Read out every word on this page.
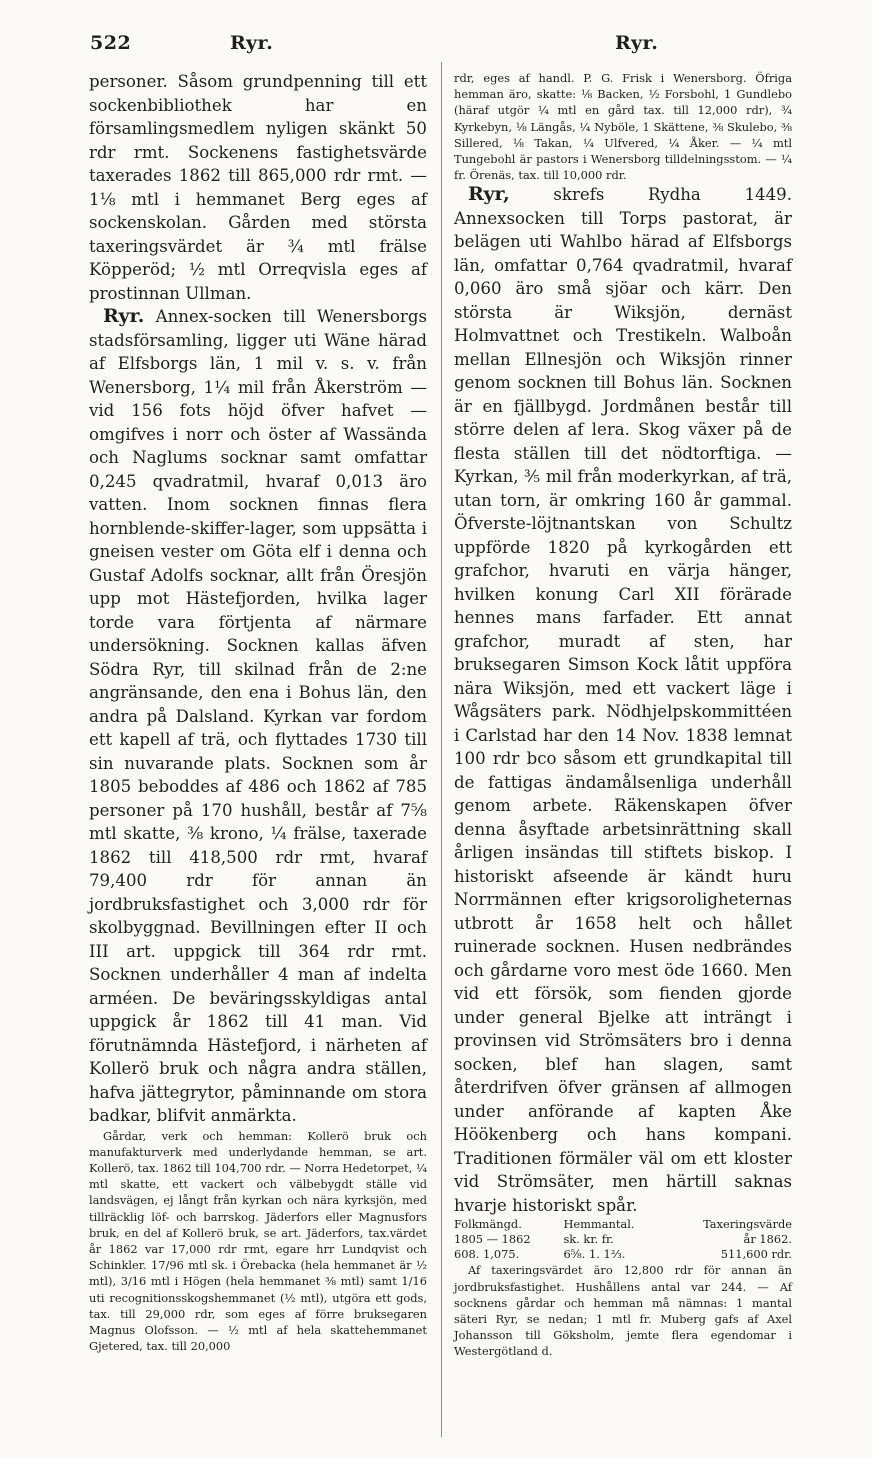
522	Ryr.	Ryr.

personer. Såsom grundpenning till ett sockenbibliothek har en församlingsmedlem nyligen skänkt 50 rdr rmt. Sockenens fastighetsvärde taxerades 1862 till 865,000 rdr rmt. — 1⅛ mtl i hemmanet Berg eges af sockenskolan. Gården med största taxeringsvärdet är ¾ mtl frälse Köpperöd; ½ mtl Orreqvisla eges af prostinnan Ullman.

Ryr. Annex-socken till Wenersborgs stadsförsamling, ligger uti Wäne härad af Elfsborgs län, 1 mil v. s. v. från Wenersborg, 1¼ mil från Åkerström — vid 156 fots höjd öfver hafvet — omgifves i norr och öster af Wassända och Naglums socknar samt omfattar 0,245 qvadratmil, hvaraf 0,013 äro vatten. Inom socknen finnas flera hornblende-skiffer-lager, som uppsätta i gneisen vester om Göta elf i denna och Gustaf Adolfs socknar, allt från Öresjön upp mot Hästefjorden, hvilka lager torde vara förtjenta af närmare undersökning. Socknen kallas äfven Södra Ryr, till skilnad från de 2:ne angränsande, den ena i Bohus län, den andra på Dalsland. Kyrkan var fordom ett kapell af trä, och flyttades 1730 till sin nuvarande plats. Socknen som år 1805 beboddes af 486 och 1862 af 785 personer på 170 hushåll, består af 7⅝ mtl skatte, ⅜ krono, ¼ frälse, taxerade 1862 till 418,500 rdr rmt, hvaraf 79,400 rdr för annan än jordbruksfastighet och 3,000 rdr för skolbyggnad. Bevillningen efter II och III art. uppgick till 364 rdr rmt. Socknen underhåller 4 man af indelta arméen. De beväringsskyldigas antal uppgick år 1862 till 41 man. Vid förutnämnda Hästefjord, i närheten af Kollerö bruk och några andra ställen, hafva jättegrytor, påminnande om stora badkar, blifvit anmärkta.

Gårdar, verk och hemman: Kollerö bruk och manufakturverk med underlydande hemman, se art. Kollerö, tax. 1862 till 104,700 rdr. — Norra Hedetorpet, ¼ mtl skatte, ett vackert och välbebygdt ställe vid landsvägen, ej långt från kyrkan och nära kyrksjön, med tillräcklig löf- och barrskog. Jäderfors eller Magnusfors bruk, en del af Kollerö bruk, se art. Jäderfors, tax.värdet år 1862 var 17,000 rdr rmt, egare hrr Lundqvist och Schinkler. 17/96 mtl sk. i Örebacka (hela hemmanet är ½ mtl), 3/16 mtl i Högen (hela hemmanet ⅜ mtl) samt 1/16 uti recognitionsskogshemmanet (½ mtl), utgöra ett gods, tax. till 29,000 rdr, som eges af förre bruksegaren Magnus Olofsson. — ½ mtl af hela skattehemmanet Gjetered, tax. till 20,000

rdr, eges af handl. P. G. Frisk i Wenersborg. Öfriga hemman äro, skatte: ⅛ Backen, ½ Forsbohl, 1 Gundlebo (häraf utgör ¼ mtl en gård tax. till 12,000 rdr), ¾ Kyrkebyn, ⅛ Längås, ¼ Nyböle, 1 Skättene, ⅜ Skulebo, ⅜ Sillered, ⅛ Takan, ¼ Ulfvered, ¼ Åker. — ¼ mtl Tungebohl är pastors i Wenersborg tilldelningsstom. — ¼ fr. Örenäs, tax. till 10,000 rdr.

Ryr,	skrefs Rydha 1449. Annexsocken till Torps pastorat, är belägen uti Wahlbo härad af Elfsborgs län, omfattar 0,764 qvadratmil, hvaraf 0,060 äro små sjöar och kärr. Den största är Wiksjön, dernäst Holmvattnet och Trestikeln. Walboån mellan Ellnesjön och Wiksjön rinner genom socknen till Bohus län. Socknen är en fjällbygd. Jordmånen består till större delen af lera. Skog växer på de flesta ställen till det nödtorftiga. — Kyrkan, ⅗ mil från moderkyrkan, af trä, utan torn, är omkring 160 år gammal. Öfverste-löjtnantskan von Schultz uppförde 1820 på kyrkogården ett grafchor, hvaruti en värja hänger, hvilken konung Carl XII förärade hennes mans farfader. Ett annat grafchor, muradt af sten, har bruksegaren Simson Kock låtit uppföra nära Wiksjön, med ett vackert läge i Wågsäters park. Nödhjelpskommittéen i Carlstad har den 14 Nov. 1838 lemnat 100 rdr bco såsom ett grundkapital till de fattigas ändamålsenliga underhåll genom arbete. Räkenskapen öfver denna åsyftade arbetsinrättning skall årligen insändas till stiftets biskop. I historiskt afseende är kändt huru Norrmännen efter krigsoroligheternas utbrott år 1658 helt och hållet ruinerade socknen. Husen nedbrändes och gårdarne voro mest öde 1660. Men vid ett försök, som fienden gjorde under general Bjelke att inträngt i provinsen vid Strömsäters bro i denna socken, blef han slagen, samt återdrifven öfver gränsen af allmogen under anförande af kapten Åke Höökenberg och hans kompani. Traditionen förmäler väl om ett kloster vid Strömsäter, men härtill saknas hvarje historiskt spår.

Folkmängd.	Hemmantal.	Taxeringsvärde
1805 — 1862	sk. kr. fr.	år 1862.
608. 1,075.	6⅝. 1. 1⅔.	511,600 rdr.

Af taxeringsvärdet äro 12,800 rdr för annan än jordbruksfastighet. Hushållens antal var 244. — Af socknens gårdar och hemman må nämnas: 1 mantal säteri Ryr, se nedan; 1 mtl fr. Muberg gafs af Axel Johansson till Göksholm, jemte flera egendomar i Westergötland d.
